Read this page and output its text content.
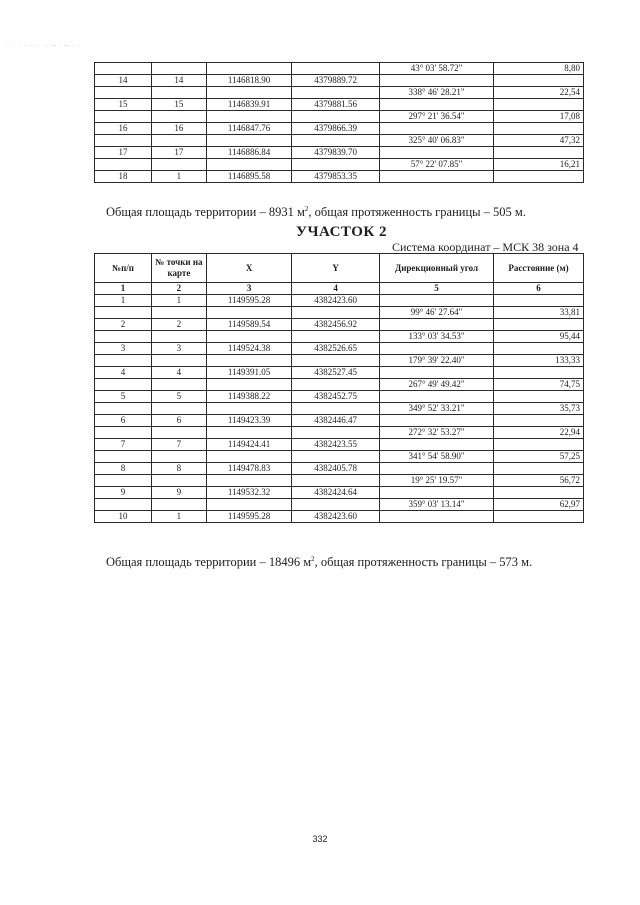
· ·· · ·· · ·· ·· — · — · ·
				43° 03' 58.72"	8,80
14	14	1146818.90	4379889.72		
				338° 46' 28.21"	22,54
15	15	1146839.91	4379881.56		
				297° 21' 36.54"	17,08
16	16	1146847.76	4379866.39		
				325° 40' 06.83"	47,32
17	17	1146886.84	4379839.70		
				57° 22' 07.85"	16,21
18	1	1146895.58	4379853.35		
Общая площадь территории – 8931 $м^2$, общая протяженность границы – 505 м.
УЧАСТОК 2
Система координат – МСК 38 зона 4
№п/п	№ точки на карте	X	Y	Дирекционный угол	Расстояние (м)
1	2	3	4	5	6
1	1	1149595.28	4382423.60		
				99° 46' 27.64"	33,81
2	2	1149589.54	4382456.92		
				133° 03' 34.53"	95,44
3	3	1149524.38	4382526.65		
				179° 39' 22.40"	133,33
4	4	1149391.05	4382527.45		
				267° 49' 49.42"	74,75
5	5	1149388.22	4382452.75		
				349° 52' 33.21"	35,73
6	6	1149423.39	4382446.47		
				272° 32' 53.27"	22,94
7	7	1149424.41	4382423.55		
				341° 54' 58.90"	57,25
8	8	1149478.83	4382405.78		
				19° 25' 19.57"	56,72
9	9	1149532.32	4382424.64		
				359° 03' 13.14"	62,97
10	1	1149595.28	4382423.60		
Общая площадь территории – 18496 $м^2$, общая протяженность границы – 573 м.
332
